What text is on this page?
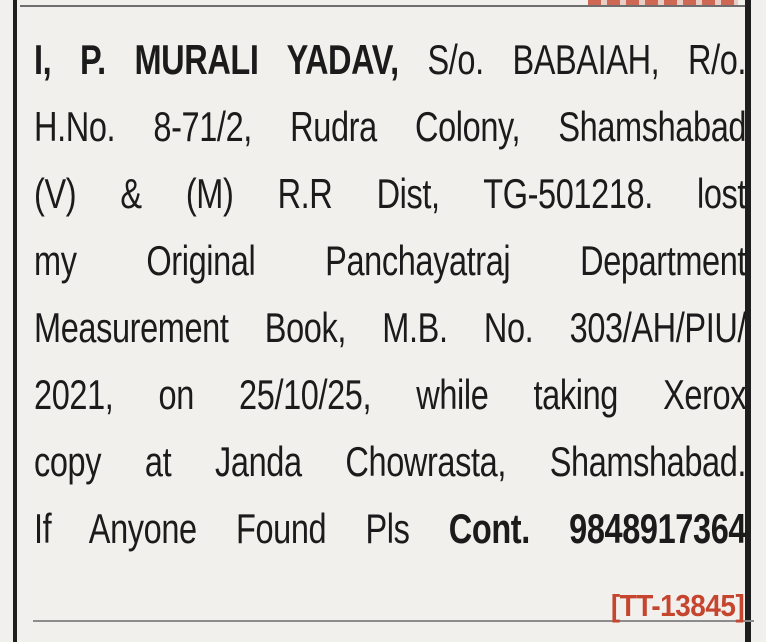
I, P. MURALI YADAV, S/o. BABAIAH, R/o.
H.No. 8-71/2, Rudra Colony, Shamshabad
(V) & (M) R.R Dist, TG-501218. lost
my Original Panchayatraj Department
Measurement Book, M.B. No. 303/AH/PIU/
2021, on 25/10/25, while taking Xerox
copy at Janda Chowrasta, Shamshabad.
If Anyone Found Pls Cont. 9848917364
[TT-13845]
